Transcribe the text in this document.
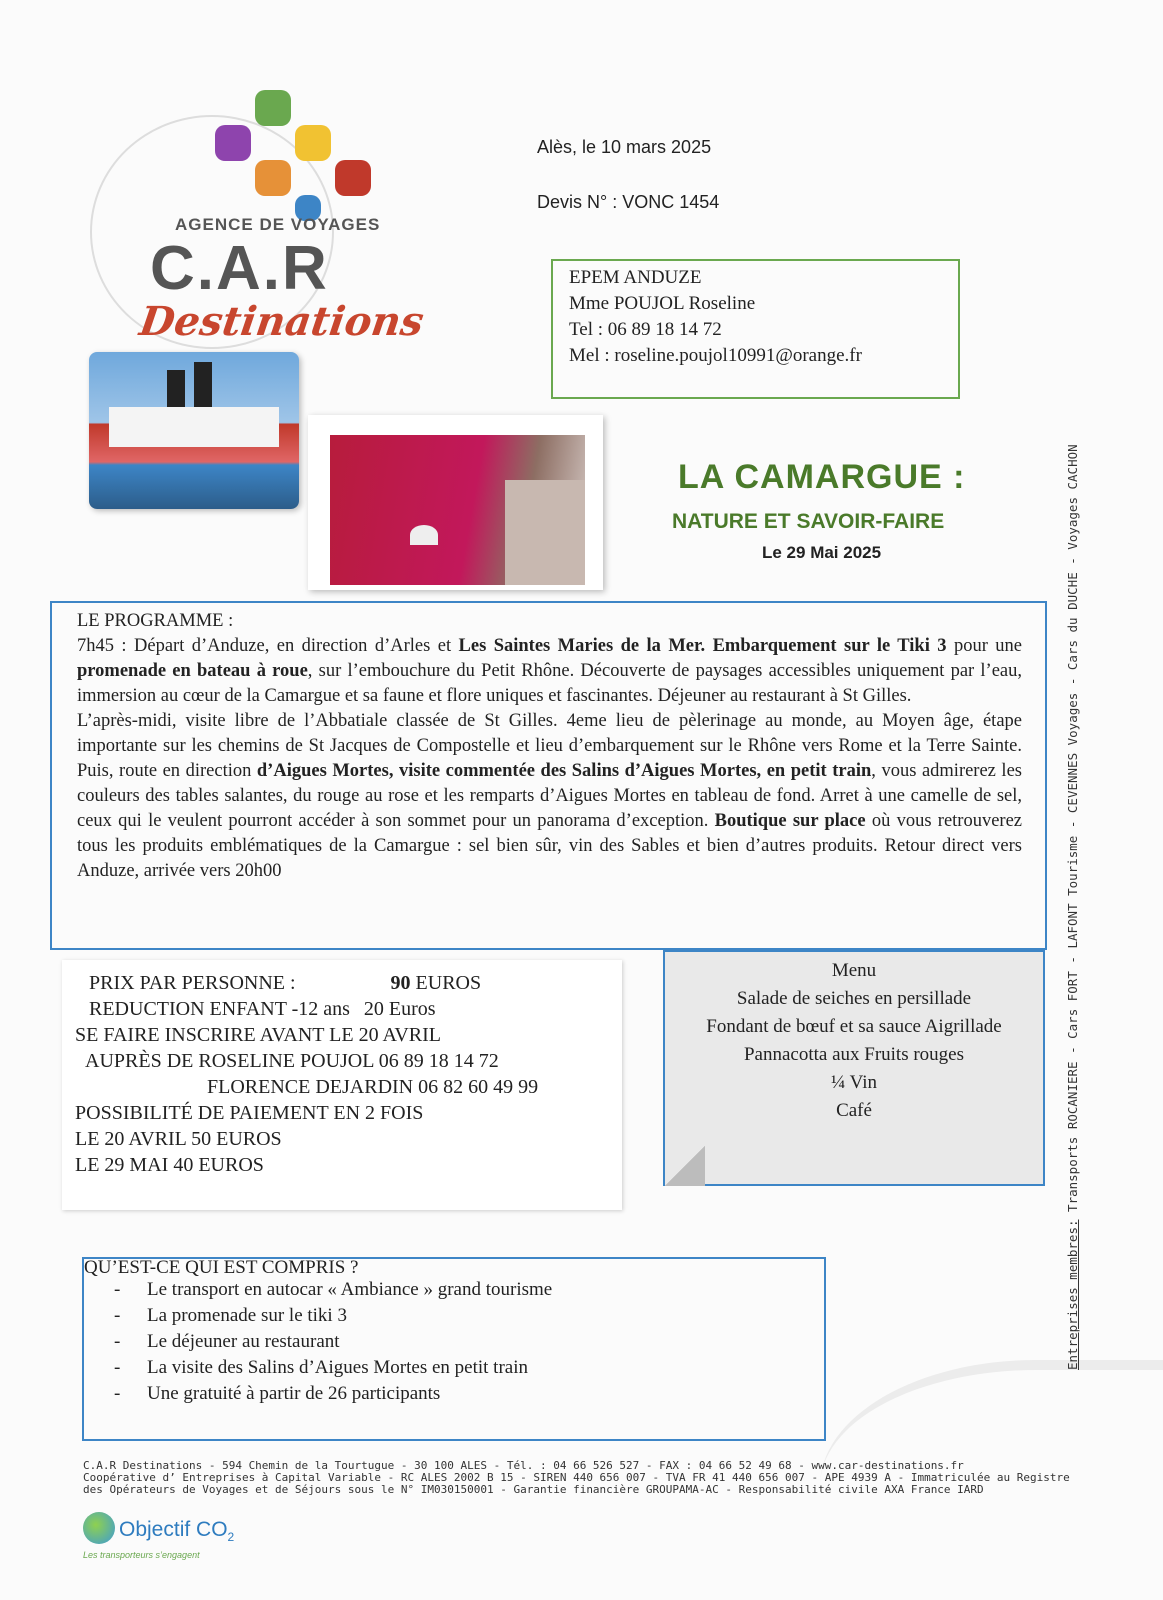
AGENCE DE VOYAGES
C.A.R
Destinations
Alès, le 10 mars 2025
Devis N° : VONC 1454
EPEM ANDUZE
Mme POUJOL Roseline
Tel : 06 89 18 14 72
Mel : roseline.poujol10991@orange.fr
LA CAMARGUE :
NATURE ET SAVOIR-FAIRE
Le 29 Mai 2025
LE PROGRAMME :
7h45 : Départ d’Anduze, en direction d’Arles et Les Saintes Maries de la Mer. Embarquement sur le Tiki 3 pour une promenade en bateau à roue, sur l’embouchure du Petit Rhône. Découverte de paysages accessibles uniquement par l’eau, immersion au cœur de la Camargue et sa faune et flore uniques et fascinantes. Déjeuner au restaurant à St Gilles.
L’après-midi, visite libre de l’Abbatiale classée de St Gilles. 4eme lieu de pèlerinage au monde, au Moyen âge, étape importante sur les chemins de St Jacques de Compostelle et lieu d’embarquement sur le Rhône vers Rome et la Terre Sainte. Puis, route en direction d’Aigues Mortes, visite commentée des Salins d’Aigues Mortes, en petit train, vous admirerez les couleurs des tables salantes, du rouge au rose et les remparts d’Aigues Mortes en tableau de fond. Arret à une camelle de sel, ceux qui le veulent pourront accéder à son sommet pour un panorama d’exception. Boutique sur place où vous retrouverez tous les produits emblématiques de la Camargue : sel bien sûr, vin des Sables et bien d’autres produits. Retour direct vers Anduze, arrivée vers 20h00
PRIX PAR PERSONNE :	90 EUROS
REDUCTION ENFANT -12 ans 20 Euros
SE FAIRE INSCRIRE AVANT LE 20 AVRIL
AUPRÈS DE ROSELINE POUJOL 06 89 18 14 72
FLORENCE DEJARDIN 06 82 60 49 99
POSSIBILITÉ DE PAIEMENT EN 2 FOIS
LE 20 AVRIL 50 EUROS
LE 29 MAI 40 EUROS
Menu
Salade de seiches en persillade
Fondant de bœuf et sa sauce Aigrillade
Pannacotta aux Fruits rouges
¼ Vin
Café
QU’EST-CE QUI EST COMPRIS ?
- Le transport en autocar « Ambiance » grand tourisme
- La promenade sur le tiki 3
- Le déjeuner au restaurant
- La visite des Salins d’Aigues Mortes en petit train
- Une gratuité à partir de 26 participants
C.A.R Destinations - 594 Chemin de la Tourtugue - 30 100 ALES - Tél. : 04 66 526 527 - FAX : 04 66 52 49 68 - www.car-destinations.fr
Coopérative d’ Entreprises à Capital Variable - RC ALES 2002 B 15 - SIREN 440 656 007 - TVA FR 41 440 656 007 - APE 4939 A - Immatriculée au Registre
des Opérateurs de Voyages et de Séjours sous le N° IM030150001 - Garantie financière GROUPAMA-AC - Responsabilité civile AXA France IARD
Entreprises membres: Transports ROCANIERE - Cars FORT - LAFONT Tourisme - CEVENNES Voyages - Cars du DUCHE - Voyages CACHON
Objectif $CO_2$
Les transporteurs s’engagent
